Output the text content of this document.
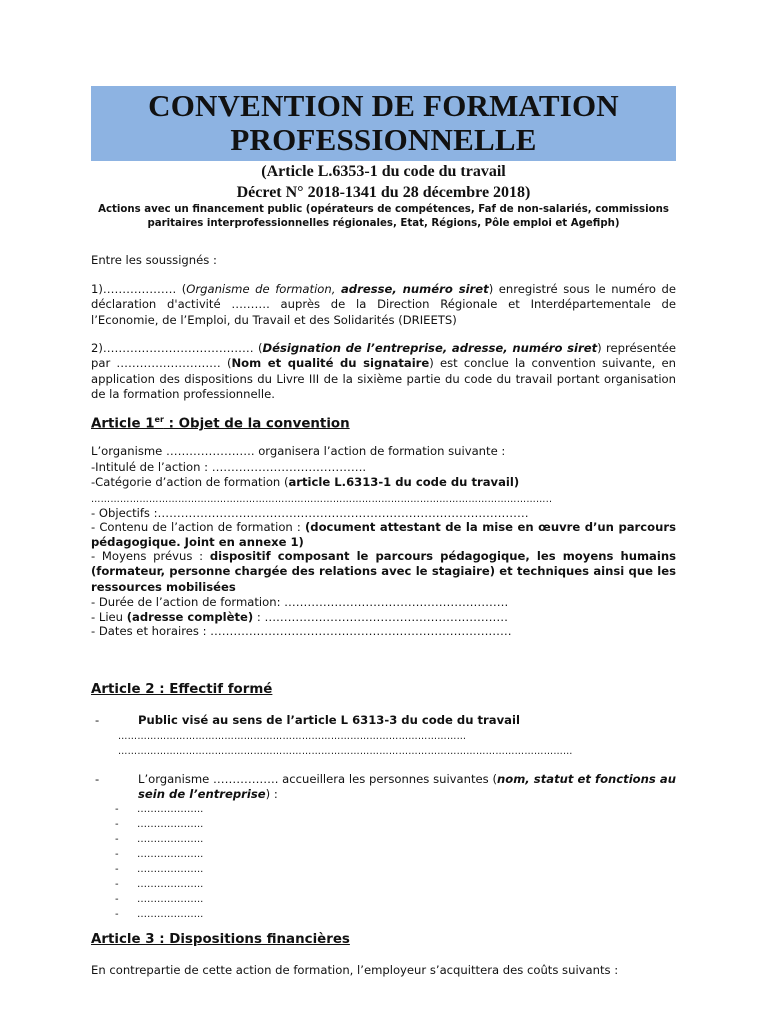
CONVENTION DE FORMATION
PROFESSIONNELLE
(Article L.6353-1 du code du travail
Décret N° 2018-1341 du 28 décembre 2018)
Actions avec un financement public (opérateurs de compétences, Faf de non-salariés, commissions paritaires interprofessionnelles régionales, Etat, Régions, Pôle emploi et Agefiph)
Entre les soussignés :
1)………………. (Organisme de formation, adresse, numéro siret) enregistré sous le numéro de déclaration d'activité ………. auprès de la Direction Régionale et Interdépartementale de l’Economie, de l’Emploi, du Travail et des Solidarités (DRIEETS)
2)………………………………… (Désignation de l’entreprise, adresse, numéro siret) représentée par ……………………… (Nom et qualité du signataire) est conclue la convention suivante, en application des dispositions du Livre III de la sixième partie du code du travail portant organisation de la formation professionnelle.
Article 1er : Objet de la convention
L’organisme ………………….. organisera l’action de formation suivante :
-Intitulé de l’action : ………………………………….
-Catégorie d’action de formation (article L.6313-1 du code du travail)
……………………………………………………………………………………………………………………………..
- Objectifs :……………………………………………………………………………………
- Contenu de l’action de formation : (document attestant de la mise en œuvre d’un parcours pédagogique. Joint en annexe 1)
- Moyens prévus : dispositif composant le parcours pédagogique, les moyens humains (formateur, personne chargée des relations avec le stagiaire) et techniques ainsi que les ressources mobilisées
- Durée de l’action de formation: ………………………………………………….
- Lieu (adresse complète) : ………………………………………………………
- Dates et horaires : ……………………………………………………………………
Article 2 : Effectif formé
-	Public visé au sens de l’article L 6313-3 du code du travail
………………………………………………………………………………………………
……………………………………………………………………………………………………………………………
-	L’organisme …………….. accueillera les personnes suivantes (nom, statut et fonctions au sein de l’entreprise) :
- ………………..
- ………………..
- ………………..
- ………………..
- ………………..
- ………………..
- ………………..
- ………………..
Article 3 : Dispositions financières
En contrepartie de cette action de formation, l’employeur s’acquittera des coûts suivants :
